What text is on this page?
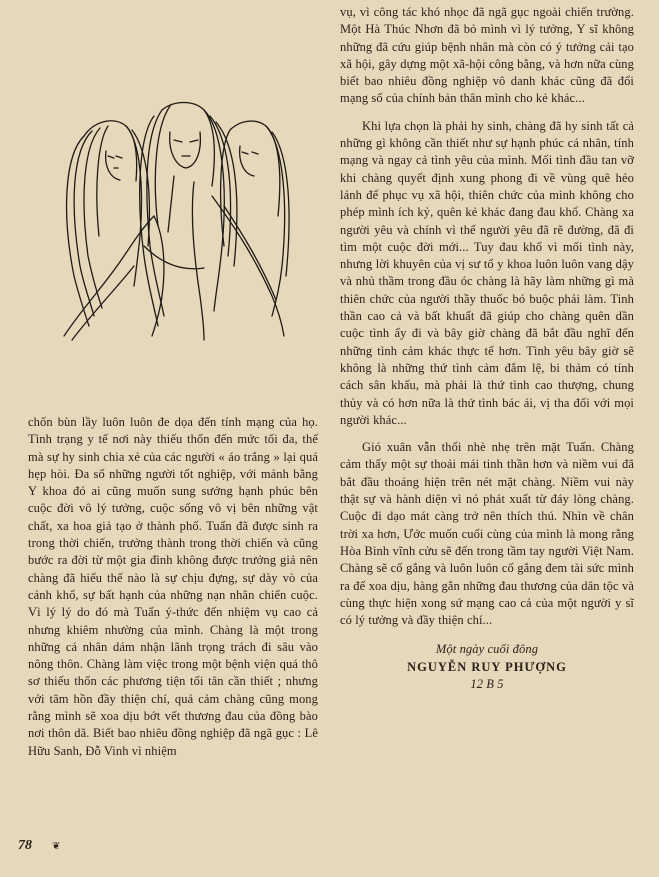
chốn bùn lầy luôn luôn đe dọa đến tính mạng của họ. Tình trạng y tế nơi này thiếu thốn đến mức tối đa, thế mà sự hy sinh chia xẻ của các người « áo trắng » lại quá hẹp hòi. Đa số những người tốt nghiệp, với mảnh bằng Y khoa đó ai cũng muốn sung sướng hạnh phúc bên cuộc đời vô lý tưởng, cuộc sống vô vị bên những vật chất, xa hoa giả tạo ở thành phố. Tuấn đã được sinh ra trong thời chiến, trưởng thành trong thời chiến và cũng bước ra đời từ một gia đình không được trưởng giả nên chàng đã hiểu thế nào là sự chịu đựng, sự dày vò của cảnh khổ, sự bất hạnh của những nạn nhân chiến cuộc. Vì lý lý do đó mà Tuấn ý-thức đến nhiệm vụ cao cả nhưng khiêm nhường của mình. Chàng là một trong những cá nhân dám nhận lãnh trọng trách đi sâu vào nông thôn. Chàng làm việc trong một bệnh viện quá thô sơ thiếu thốn các phương tiện tối tân cần thiết ; nhưng với tâm hồn đầy thiện chí, quả cảm chàng cũng mong rằng mình sẽ xoa dịu bớt vết thương đau của đồng bào nơi thôn dã. Biết bao nhiêu đồng nghiệp đã ngã gục : Lê Hữu Sanh, Đỗ Vinh vì nhiệm

vụ, vì công tác khó nhọc đã ngã gục ngoài chiến trường. Một Hà Thúc Nhơn đã bỏ mình vì lý tưởng, Y sĩ không những đã cứu giúp bệnh nhân mà còn có ý tưởng cải tạo xã hội, gây dựng một xã-hội công bằng, và hơn nữa cùng biết bao nhiêu đồng nghiệp vô danh khác cũng đã đổi mạng số của chính bản thân mình cho kẻ khác...

Khi lựa chọn là phải hy sinh, chàng đã hy sinh tất cả những gì không cần thiết như sự hạnh phúc cá nhân, tính mạng và ngay cả tình yêu của mình. Mối tình đầu tan vỡ khi chàng quyết định xung phong đi về vùng quê hẻo lánh để phục vụ xã hội, thiên chức của mình không cho phép mình ích kỷ, quên kẻ khác đang đau khổ. Chàng xa người yêu và chính vì thế người yêu đã rẽ đường, đã đi tìm một cuộc đời mới... Tuy đau khổ vì mối tình này, nhưng lời khuyên của vị sư tổ y khoa luôn luôn vang dậy và nhủ thầm trong đầu óc chàng là hãy làm những gì mà thiên chức của người thầy thuốc bó buộc phải làm. Tinh thần cao cả và bất khuất đã giúp cho chàng quên dần cuộc tình ấy đi và bây giờ chàng đã bắt đầu nghĩ đến những tình cảm khác thực tế hơn. Tình yêu bây giờ sẽ không là những thứ tình cảm đắm lệ, bi thảm có tính cách sân khấu, mà phải là thứ tình cao thượng, chung thủy và có hơn nữa là thứ tình bác ái, vị tha đối với mọi người khác...

Gió xuân vẫn thổi nhè nhẹ trên mặt Tuấn. Chàng cảm thấy một sự thoải mái tinh thần hơn và niềm vui đã bắt đầu thoáng hiện trên nét mặt chàng. Niềm vui này thật sự và hành diện vì nó phát xuất từ đáy lòng chàng. Cuộc đi dạo mát càng trở nên thích thú. Nhìn về chân trời xa hơn, Ước muốn cuối cùng của mình là mong rằng Hòa Bình vĩnh cửu sẽ đến trong tầm tay người Việt Nam. Chàng sẽ cố gắng và luôn luôn cố gắng đem tài sức mình ra để xoa dịu, hàng gắn những đau thương của dân tộc và cùng thực hiện xong sứ mạng cao cả của một người y sĩ có lý tưởng và đầy thiện chí...

Một ngày cuối đông

NGUYỄN RUY PHƯỢNG

12 B 5

78 ❦
